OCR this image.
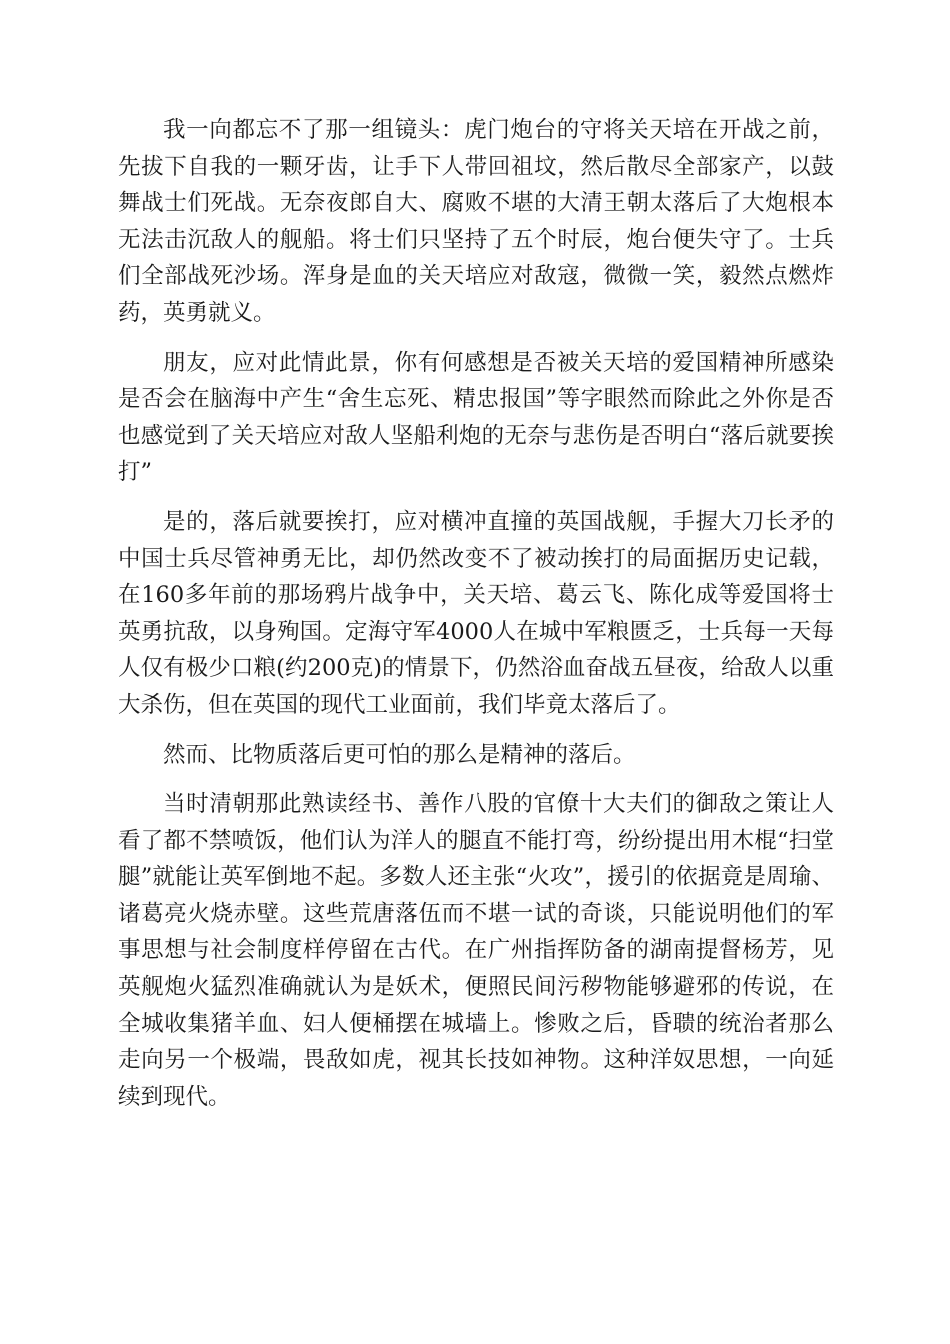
我一向都忘不了那一组镜头：虎门炮台的守将关天培在开战之前，先拔下自我的一颗牙齿，让手下人带回祖坟，然后散尽全部家产，以鼓舞战士们死战。无奈夜郎自大、腐败不堪的大清王朝太落后了大炮根本无法击沉敌人的舰船。将士们只坚持了五个时辰，炮台便失守了。士兵们全部战死沙场。浑身是血的关天培应对敌寇，微微一笑，毅然点燃炸药，英勇就义。

朋友，应对此情此景，你有何感想是否被关天培的爱国精神所感染是否会在脑海中产生“舍生忘死、精忠报国”等字眼然而除此之外你是否也感觉到了关天培应对敌人坚船利炮的无奈与悲伤是否明白“落后就要挨打”

是的，落后就要挨打，应对横冲直撞的英国战舰，手握大刀长矛的中国士兵尽管神勇无比，却仍然改变不了被动挨打的局面据历史记载，在160多年前的那场鸦片战争中，关天培、葛云飞、陈化成等爱国将士英勇抗敌，以身殉国。定海守军4000人在城中军粮匮乏，士兵每一天每人仅有极少口粮(约200克)的情景下，仍然浴血奋战五昼夜，给敌人以重大杀伤，但在英国的现代工业面前，我们毕竟太落后了。

然而、比物质落后更可怕的那么是精神的落后。

当时清朝那此熟读经书、善作八股的官僚十大夫们的御敌之策让人看了都不禁喷饭，他们认为洋人的腿直不能打弯，纷纷提出用木棍“扫堂腿”就能让英军倒地不起。多数人还主张“火攻”，援引的依据竟是周瑜、诸葛亮火烧赤壁。这些荒唐落伍而不堪一试的奇谈，只能说明他们的军事思想与社会制度样停留在古代。在广州指挥防备的湖南提督杨芳，见英舰炮火猛烈准确就认为是妖术，便照民间污秽物能够避邪的传说，在全城收集猪羊血、妇人便桶摆在城墙上。惨败之后，昏聩的统治者那么走向另一个极端，畏敌如虎，视其长技如神物。这种洋奴思想，一向延续到现代。
